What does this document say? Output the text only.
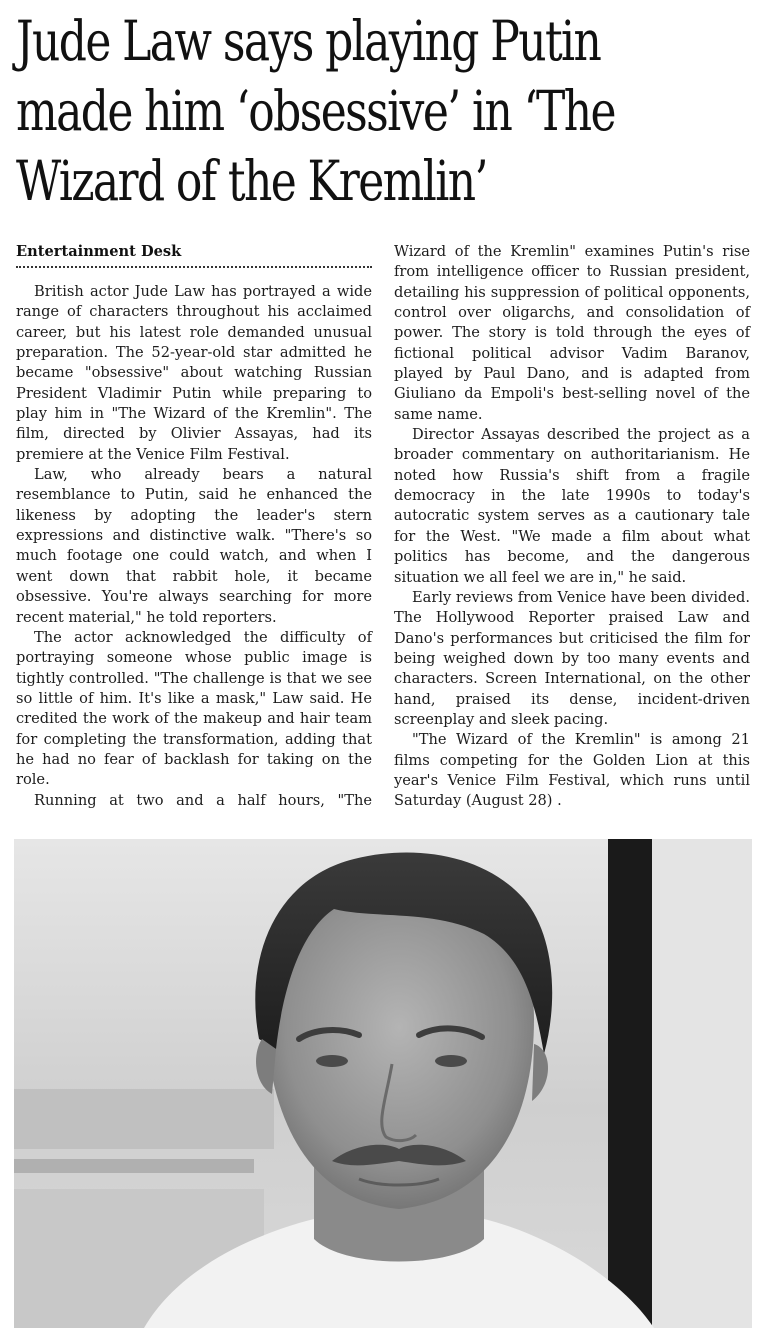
Jude Law says playing Putin
made him ‘obsessive’ in ‘The
Wizard of the Kremlin’
Entertainment Desk

British actor Jude Law has portrayed a wide range of characters throughout his acclaimed career, but his latest role demanded unusual preparation. The 52-year-old star admitted he became "obsessive" about watching Russian President Vladimir Putin while preparing to play him in "The Wizard of the Kremlin". The film, directed by Olivier Assayas, had its premiere at the Venice Film Festival.

Law, who already bears a natural resemblance to Putin, said he enhanced the likeness by adopting the leader's stern expressions and distinctive walk. "There's so much footage one could watch, and when I went down that rabbit hole, it became obsessive. You're always searching for more recent material," he told reporters.

The actor acknowledged the difficulty of portraying someone whose public image is tightly controlled. "The challenge is that we see so little of him. It's like a mask," Law said. He credited the work of the makeup and hair team for completing the transformation, adding that he had no fear of backlash for taking on the role.

Running at two and a half hours, "The

Wizard of the Kremlin" examines Putin's rise from intelligence officer to Russian president, detailing his suppression of political opponents, control over oligarchs, and consolidation of power. The story is told through the eyes of fictional political advisor Vadim Baranov, played by Paul Dano, and is adapted from Giuliano da Empoli's best-selling novel of the same name.

Director Assayas described the project as a broader commentary on authoritarianism. He noted how Russia's shift from a fragile democracy in the late 1990s to today's autocratic system serves as a cautionary tale for the West. "We made a film about what politics has become, and the dangerous situation we all feel we are in," he said.

Early reviews from Venice have been divided. The Hollywood Reporter praised Law and Dano's performances but criticised the film for being weighed down by too many events and characters. Screen International, on the other hand, praised its dense, incident-driven screenplay and sleek pacing.

"The Wizard of the Kremlin" is among 21 films competing for the Golden Lion at this year's Venice Film Festival, which runs until Saturday (August 28) .
